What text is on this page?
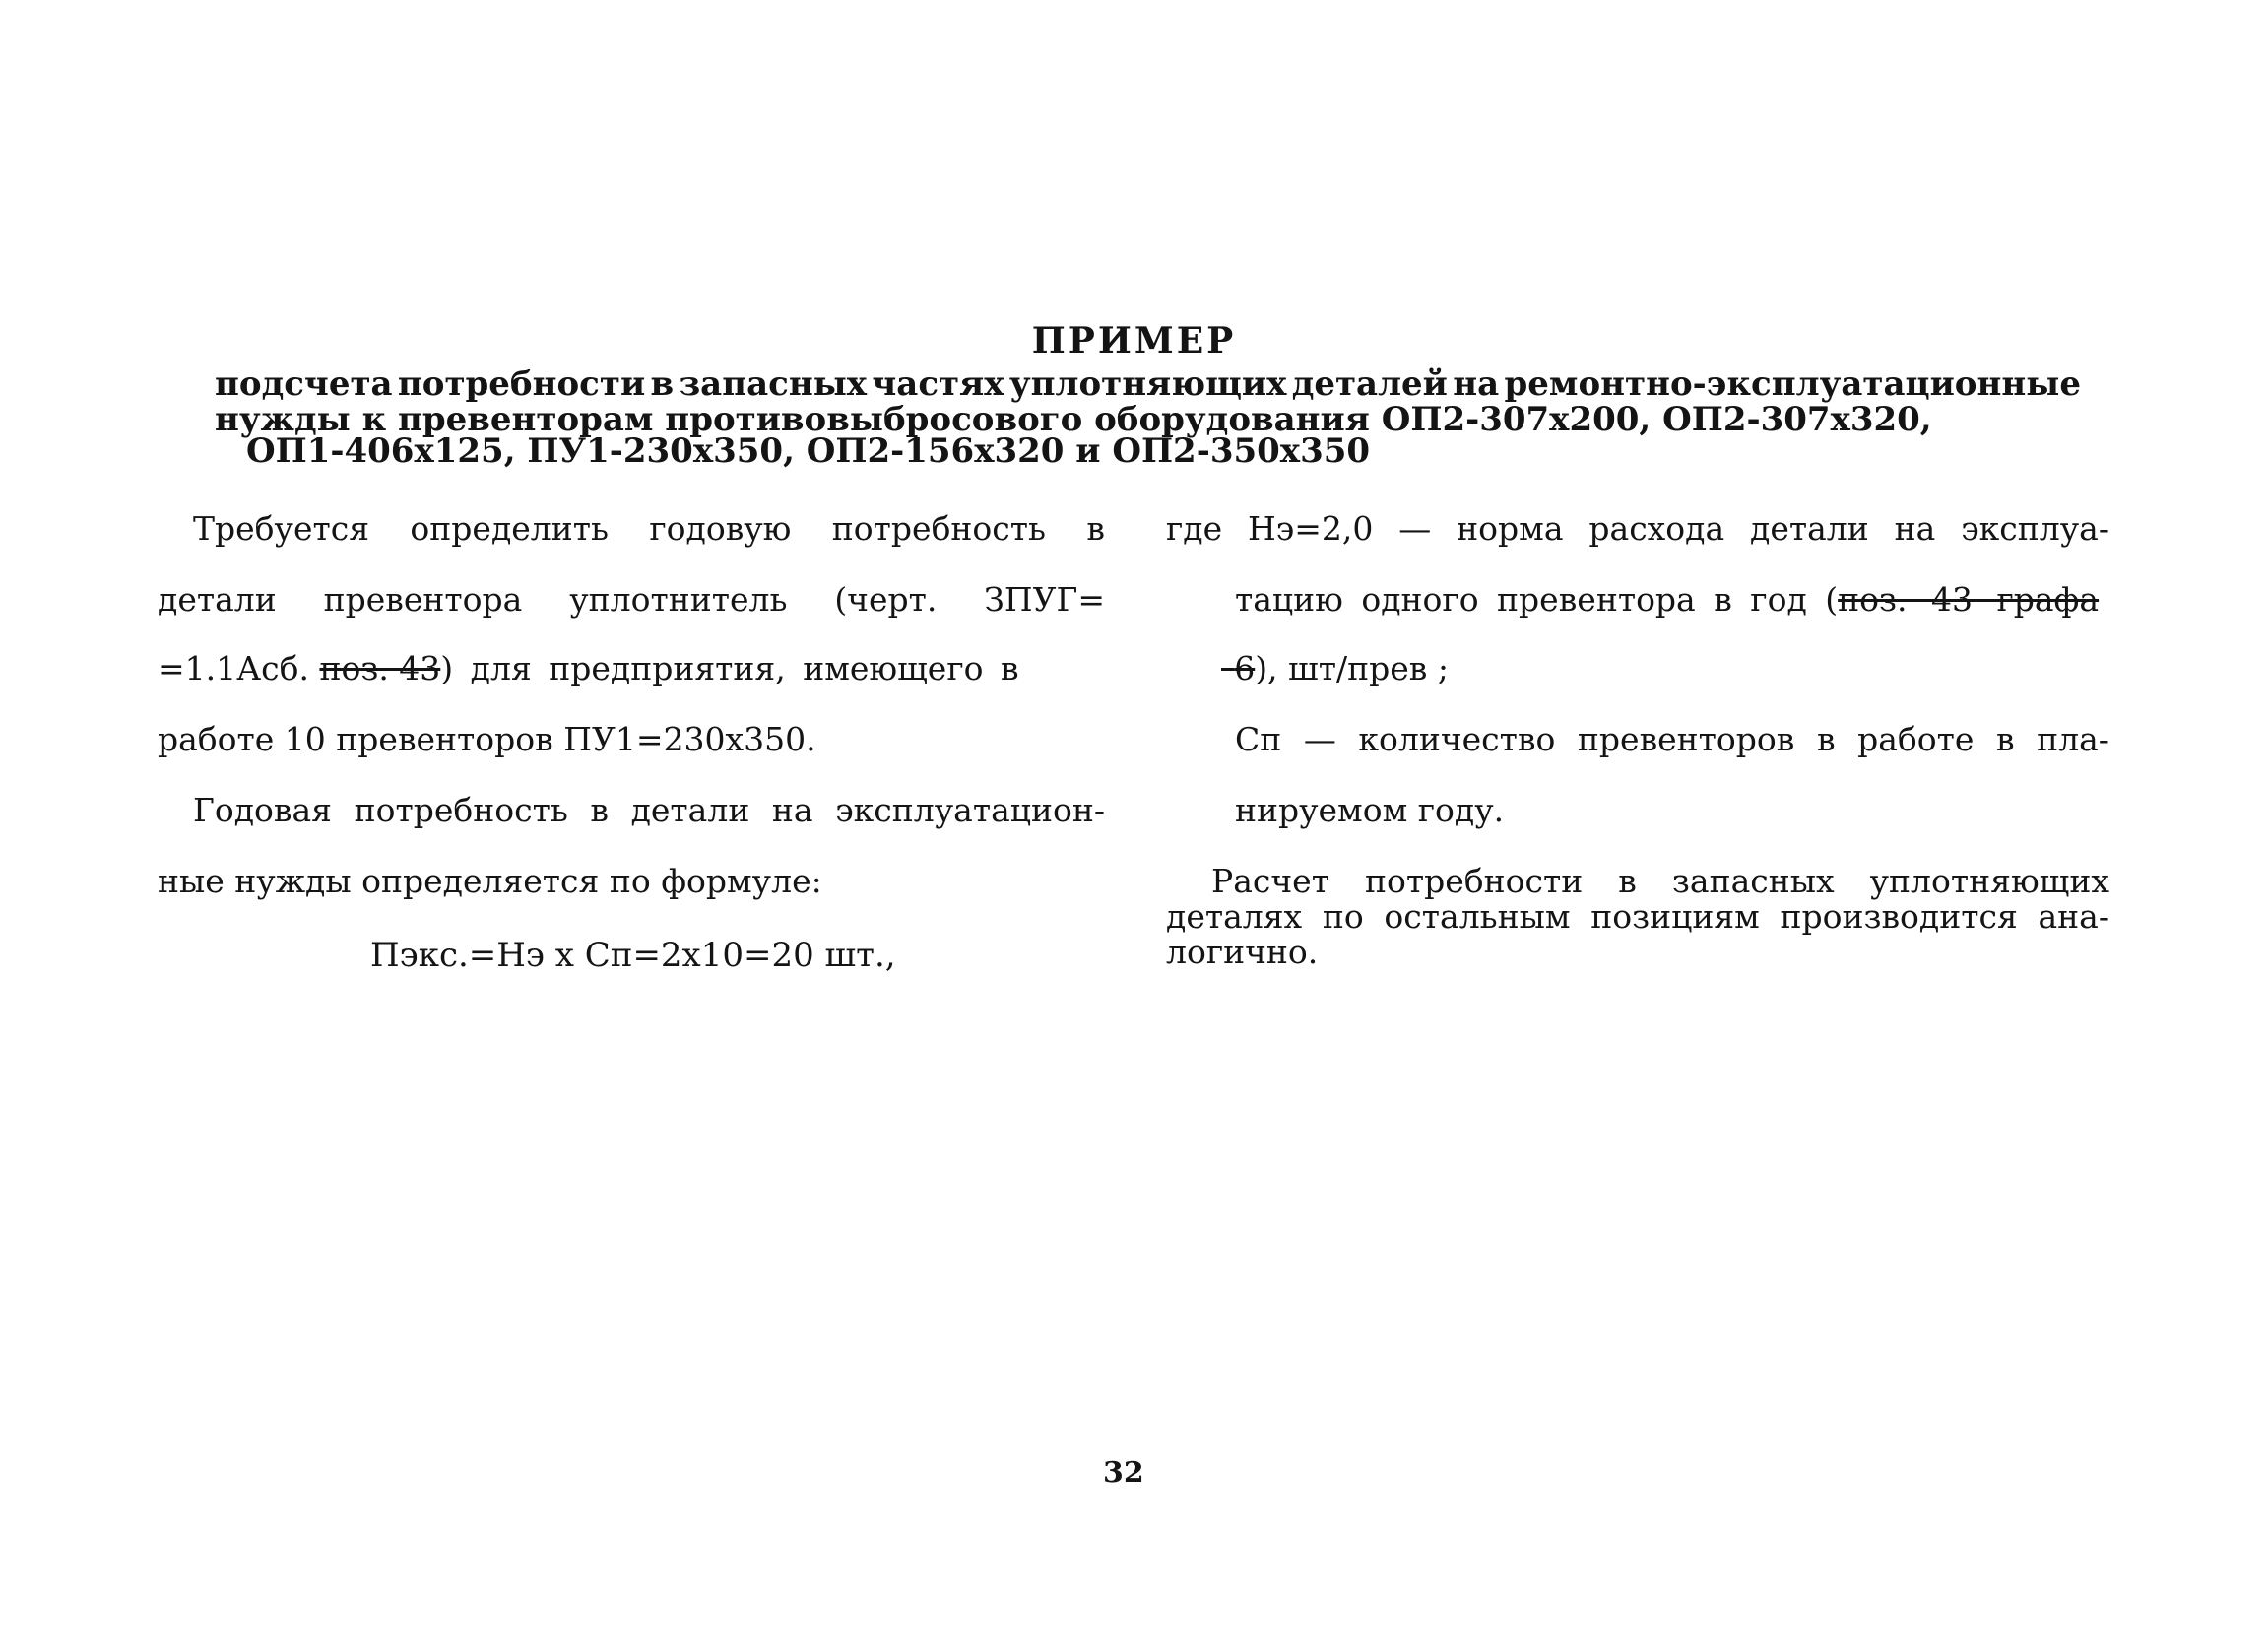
ПРИМЕР
подсчета потребности в запасных частях уплотняющих деталей на ремонтно-эксплуатационные
нужды к превенторам противовыбросового оборудования ОП2-307х200, ОП2-307х320,
ОП1-406х125, ПУ1-230х350, ОП2-156х320 и ОП2-350х350
Требуется определить годовую потребность в
детали превентора уплотнитель (черт. ЗПУГ=
=1.1Асб. поз. 43 ) для предприятия, имеющего в
работе 10 превенторов ПУ1=230х350.
Годовая потребность в детали на эксплуатацион-
ные нужды определяется по формуле:
Пэкс.=Нэ х Сп=2х10=20 шт.,
где Нэ=2,0 — норма расхода детали на эксплуа-
тацию одного превентора в год ( поз. 43 графа
  6), шт/прев ;
Сп — количество превенторов в работе в пла-
нируемом году.
Расчет потребности в запасных уплотняющих
деталях по остальным позициям производится ана-
логично.
32
